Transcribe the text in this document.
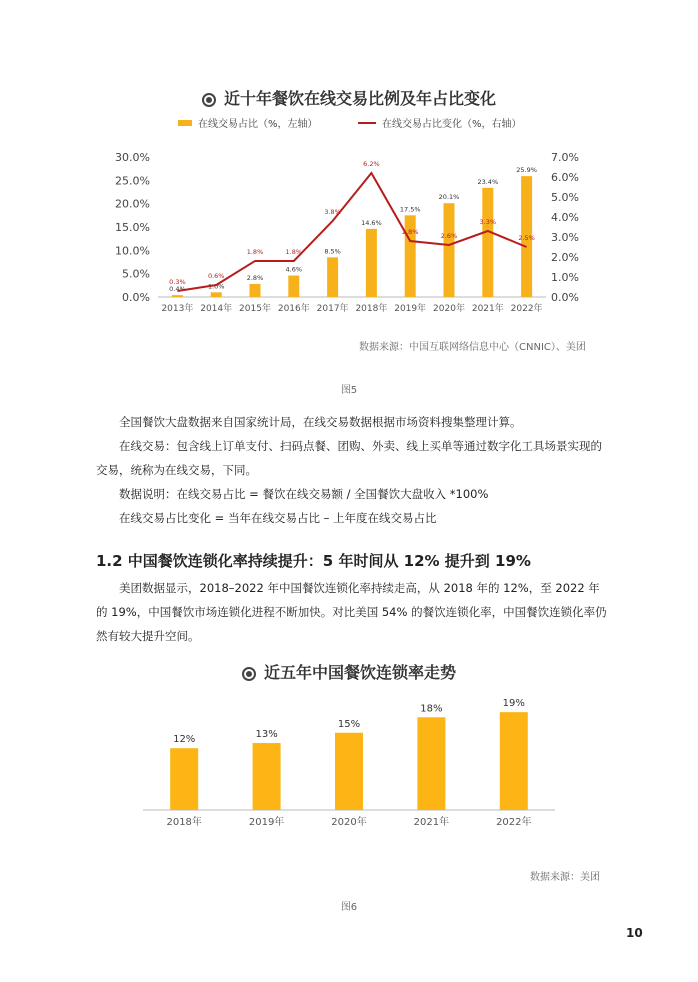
近十年餐饮在线交易比例及年占比变化
在线交易占比（%，左轴）	在线交易占比变化（%，右轴）
30.0%
25.0%
20.0%
15.0%
10.0%
5.0%
0.0%
7.0%
6.0%
5.0%
4.0%
3.0%
2.0%
1.0%
0.0%
0.4%	1.0%
2.8%
4.6%
8.5%
14.6%
17.5%
20.1%
23.4%
25.9%
2013年 2014年 2015年 2016年 2017年 2018年 2019年 2020年 2021年 2022年
0.3%
0.6%
1.8%	1.8%
3.8%
6.2%
2.8%	2.6%
3.3%
2.5%
数据来源：中国互联网络信息中心（CNNIC）、美团
图5

全国餐饮大盘数据来自国家统计局，在线交易数据根据市场资料搜集整理计算。

在线交易：包含线上订单支付、扫码点餐、团购、外卖、线上买单等通过数字化工具场景实现的交易，统称为在线交易，下同。

数据说明：在线交易占比 = 餐饮在线交易额 / 全国餐饮大盘收入 *100%

在线交易占比变化 = 当年在线交易占比 – 上年度在线交易占比

1.2 中国餐饮连锁化率持续提升：5 年时间从 12% 提升到 19%

美团数据显示，2018–2022 年中国餐饮连锁化率持续走高，从 2018 年的 12%，至 2022 年的 19%，中国餐饮市场连锁化进程不断加快。对比美国 54% 的餐饮连锁化率，中国餐饮连锁化率仍然有较大提升空间。

近五年中国餐饮连锁率走势
12%
2018年
13%
2019年
15%
2020年
18%
2021年
19%
2022年
数据来源：美团
图6
10
